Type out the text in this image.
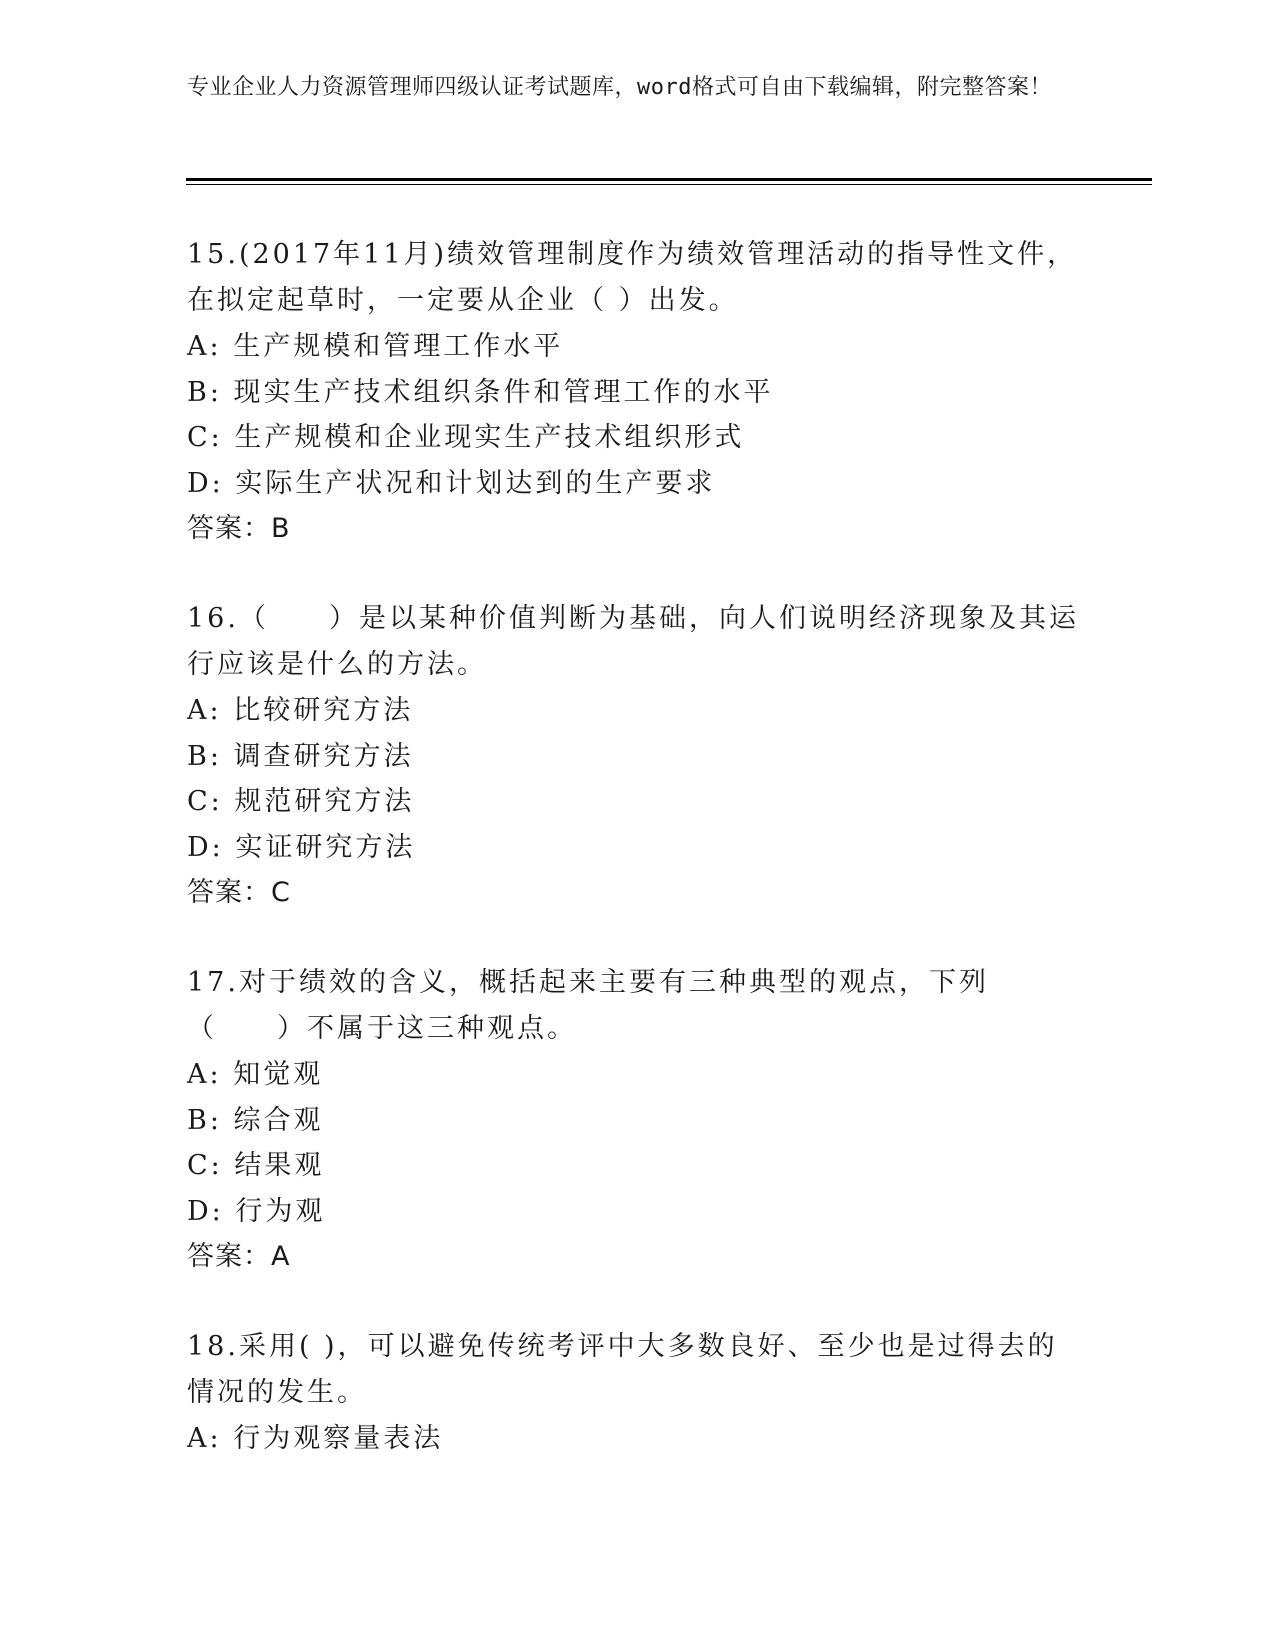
专业企业人力资源管理师四级认证考试题库，word格式可自由下载编辑，附完整答案！
15.(2017年11月)绩效管理制度作为绩效管理活动的指导性文件，在拟定起草时，一定要从企业（ ）出发。
A: 生产规模和管理工作水平
B: 现实生产技术组织条件和管理工作的水平
C: 生产规模和企业现实生产技术组织形式
D: 实际生产状况和计划达到的生产要求
答案：B
16.（　　）是以某种价值判断为基础，向人们说明经济现象及其运行应该是什么的方法。
A: 比较研究方法
B: 调查研究方法
C: 规范研究方法
D: 实证研究方法
答案：C
17.对于绩效的含义，概括起来主要有三种典型的观点，下列（　　）不属于这三种观点。
A: 知觉观
B: 综合观
C: 结果观
D: 行为观
答案：A
18.采用( )，可以避免传统考评中大多数良好、至少也是过得去的情况的发生。
A: 行为观察量表法
